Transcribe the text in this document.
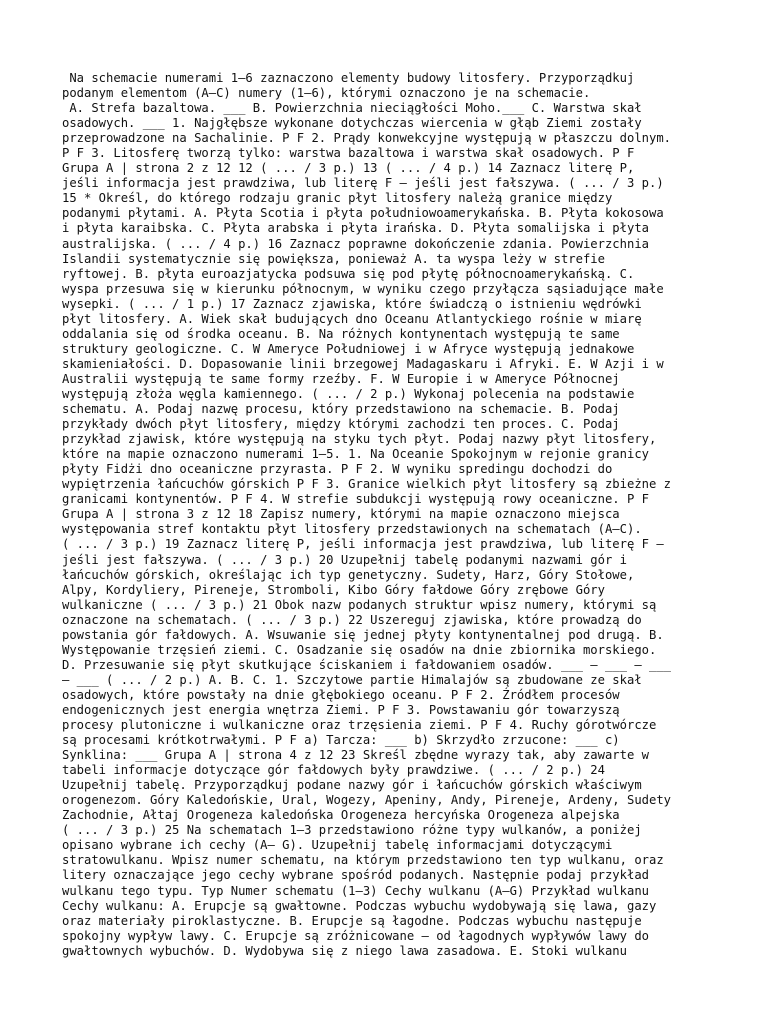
Na schemacie numerami 1–6 zaznaczono elementy budowy litosfery. Przyporządkuj
podanym elementom (A–C) numery (1–6), którymi oznaczono je na schemacie.
A. Strefa bazaltowa. ___ B. Powierzchnia nieciągłości Moho.___ C. Warstwa skał
osadowych. ___ 1. Najgłębsze wykonane dotychczas wiercenia w głąb Ziemi zostały
przeprowadzone na Sachalinie. P F 2. Prądy konwekcyjne występują w płaszczu dolnym.
P F 3. Litosferę tworzą tylko: warstwa bazaltowa i warstwa skał osadowych. P F
Grupa A | strona 2 z 12 12 ( ... / 3 p.) 13 ( ... / 4 p.) 14 Zaznacz literę P,
jeśli informacja jest prawdziwa, lub literę F – jeśli jest fałszywa. ( ... / 3 p.)
15 * Określ, do którego rodzaju granic płyt litosfery należą granice między
podanymi płytami. A. Płyta Scotia i płyta południowoamerykańska. B. Płyta kokosowa
i płyta karaibska. C. Płyta arabska i płyta irańska. D. Płyta somalijska i płyta
australijska. ( ... / 4 p.) 16 Zaznacz poprawne dokończenie zdania. Powierzchnia
Islandii systematycznie się powiększa, ponieważ A. ta wyspa leży w strefie
ryftowej. B. płyta euroazjatycka podsuwa się pod płytę północnoamerykańską. C.
wyspa przesuwa się w kierunku północnym, w wyniku czego przyłącza sąsiadujące małe
wysepki. ( ... / 1 p.) 17 Zaznacz zjawiska, które świadczą o istnieniu wędrówki
płyt litosfery. A. Wiek skał budujących dno Oceanu Atlantyckiego rośnie w miarę
oddalania się od środka oceanu. B. Na różnych kontynentach występują te same
struktury geologiczne. C. W Ameryce Południowej i w Afryce występują jednakowe
skamieniałości. D. Dopasowanie linii brzegowej Madagaskaru i Afryki. E. W Azji i w
Australii występują te same formy rzeźby. F. W Europie i w Ameryce Północnej
występują złoża węgla kamiennego. ( ... / 2 p.) Wykonaj polecenia na podstawie
schematu. A. Podaj nazwę procesu, który przedstawiono na schemacie. B. Podaj
przykłady dwóch płyt litosfery, między którymi zachodzi ten proces. C. Podaj
przykład zjawisk, które występują na styku tych płyt. Podaj nazwy płyt litosfery,
które na mapie oznaczono numerami 1–5. 1. Na Oceanie Spokojnym w rejonie granicy
płyty Fidżi dno oceaniczne przyrasta. P F 2. W wyniku spredingu dochodzi do
wypiętrzenia łańcuchów górskich P F 3. Granice wielkich płyt litosfery są zbieżne z
granicami kontynentów. P F 4. W strefie subdukcji występują rowy oceaniczne. P F
Grupa A | strona 3 z 12 18 Zapisz numery, którymi na mapie oznaczono miejsca
występowania stref kontaktu płyt litosfery przedstawionych na schematach (A–C).
( ... / 3 p.) 19 Zaznacz literę P, jeśli informacja jest prawdziwa, lub literę F –
jeśli jest fałszywa. ( ... / 3 p.) 20 Uzupełnij tabelę podanymi nazwami gór i
łańcuchów górskich, określając ich typ genetyczny. Sudety, Harz, Góry Stołowe,
Alpy, Kordyliery, Pireneje, Stromboli, Kibo Góry fałdowe Góry zrębowe Góry
wulkaniczne ( ... / 3 p.) 21 Obok nazw podanych struktur wpisz numery, którymi są
oznaczone na schematach. ( ... / 3 p.) 22 Uszereguj zjawiska, które prowadzą do
powstania gór fałdowych. A. Wsuwanie się jednej płyty kontynentalnej pod drugą. B.
Występowanie trzęsień ziemi. C. Osadzanie się osadów na dnie zbiornika morskiego.
D. Przesuwanie się płyt skutkujące ściskaniem i fałdowaniem osadów. ___ – ___ – ___
– ___ ( ... / 2 p.) A. B. C. 1. Szczytowe partie Himalajów są zbudowane ze skał
osadowych, które powstały na dnie głębokiego oceanu. P F 2. Źródłem procesów
endogenicznych jest energia wnętrza Ziemi. P F 3. Powstawaniu gór towarzyszą
procesy plutoniczne i wulkaniczne oraz trzęsienia ziemi. P F 4. Ruchy górotwórcze
są procesami krótkotrwałymi. P F a) Tarcza: ___ b) Skrzydło zrzucone: ___ c)
Synklina: ___ Grupa A | strona 4 z 12 23 Skreśl zbędne wyrazy tak, aby zawarte w
tabeli informacje dotyczące gór fałdowych były prawdziwe. ( ... / 2 p.) 24
Uzupełnij tabelę. Przyporządkuj podane nazwy gór i łańcuchów górskich właściwym
orogenezom. Góry Kaledońskie, Ural, Wogezy, Apeniny, Andy, Pireneje, Ardeny, Sudety
Zachodnie, Ałtaj Orogeneza kaledońska Orogeneza hercyńska Orogeneza alpejska
( ... / 3 p.) 25 Na schematach 1–3 przedstawiono różne typy wulkanów, a poniżej
opisano wybrane ich cechy (A– G). Uzupełnij tabelę informacjami dotyczącymi
stratowulkanu. Wpisz numer schematu, na którym przedstawiono ten typ wulkanu, oraz
litery oznaczające jego cechy wybrane spośród podanych. Następnie podaj przykład
wulkanu tego typu. Typ Numer schematu (1–3) Cechy wulkanu (A–G) Przykład wulkanu
Cechy wulkanu: A. Erupcje są gwałtowne. Podczas wybuchu wydobywają się lawa, gazy
oraz materiały piroklastyczne. B. Erupcje są łagodne. Podczas wybuchu następuje
spokojny wypływ lawy. C. Erupcje są zróżnicowane – od łagodnych wypływów lawy do
gwałtownych wybuchów. D. Wydobywa się z niego lawa zasadowa. E. Stoki wulkanu
